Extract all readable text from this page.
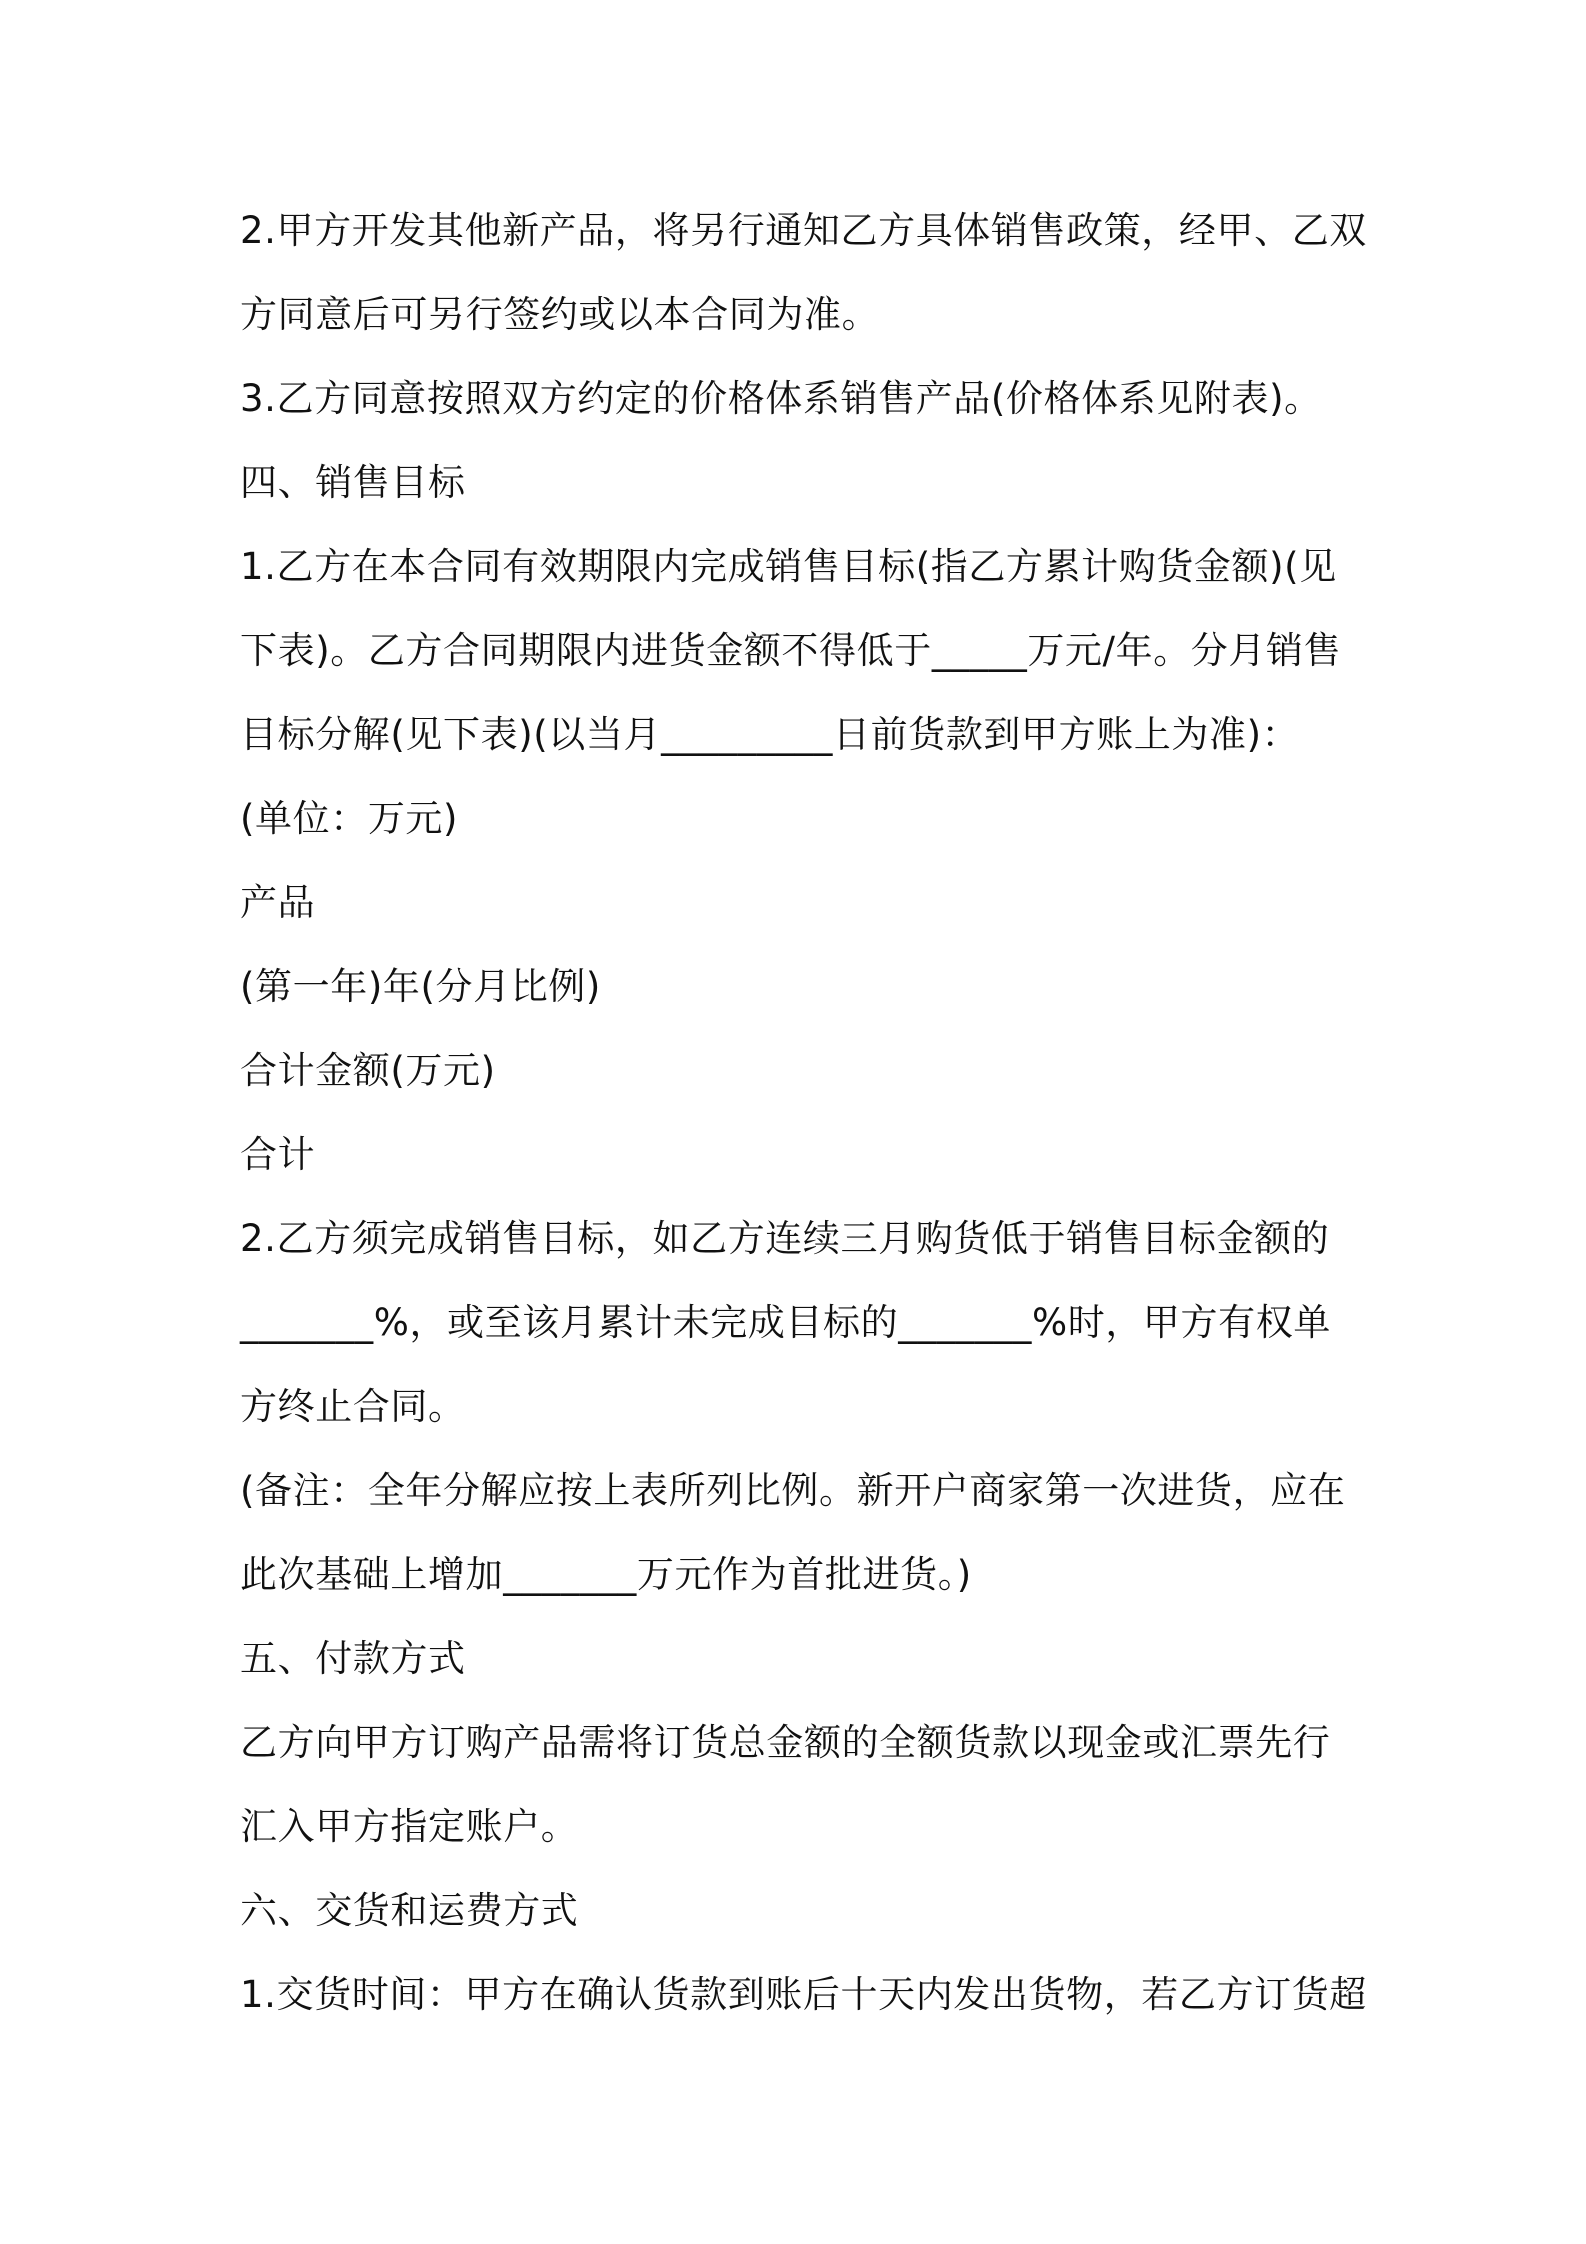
2.甲方开发其他新产品，将另行通知乙方具体销售政策，经甲、乙双
方同意后可另行签约或以本合同为准。
3.乙方同意按照双方约定的价格体系销售产品(价格体系见附表)。
四、销售目标
1.乙方在本合同有效期限内完成销售目标(指乙方累计购货金额)(见
下表)。乙方合同期限内进货金额不得低于_____万元/年。分月销售
目标分解(见下表)(以当月_________日前货款到甲方账上为准)：
(单位：万元)
产品
(第一年)年(分月比例)
合计金额(万元)
合计
2.乙方须完成销售目标，如乙方连续三月购货低于销售目标金额的
_______%，或至该月累计未完成目标的_______%时，甲方有权单
方终止合同。
(备注：全年分解应按上表所列比例。新开户商家第一次进货，应在
此次基础上增加_______万元作为首批进货。)
五、付款方式
乙方向甲方订购产品需将订货总金额的全额货款以现金或汇票先行
汇入甲方指定账户。
六、交货和运费方式
1.交货时间：甲方在确认货款到账后十天内发出货物，若乙方订货超
